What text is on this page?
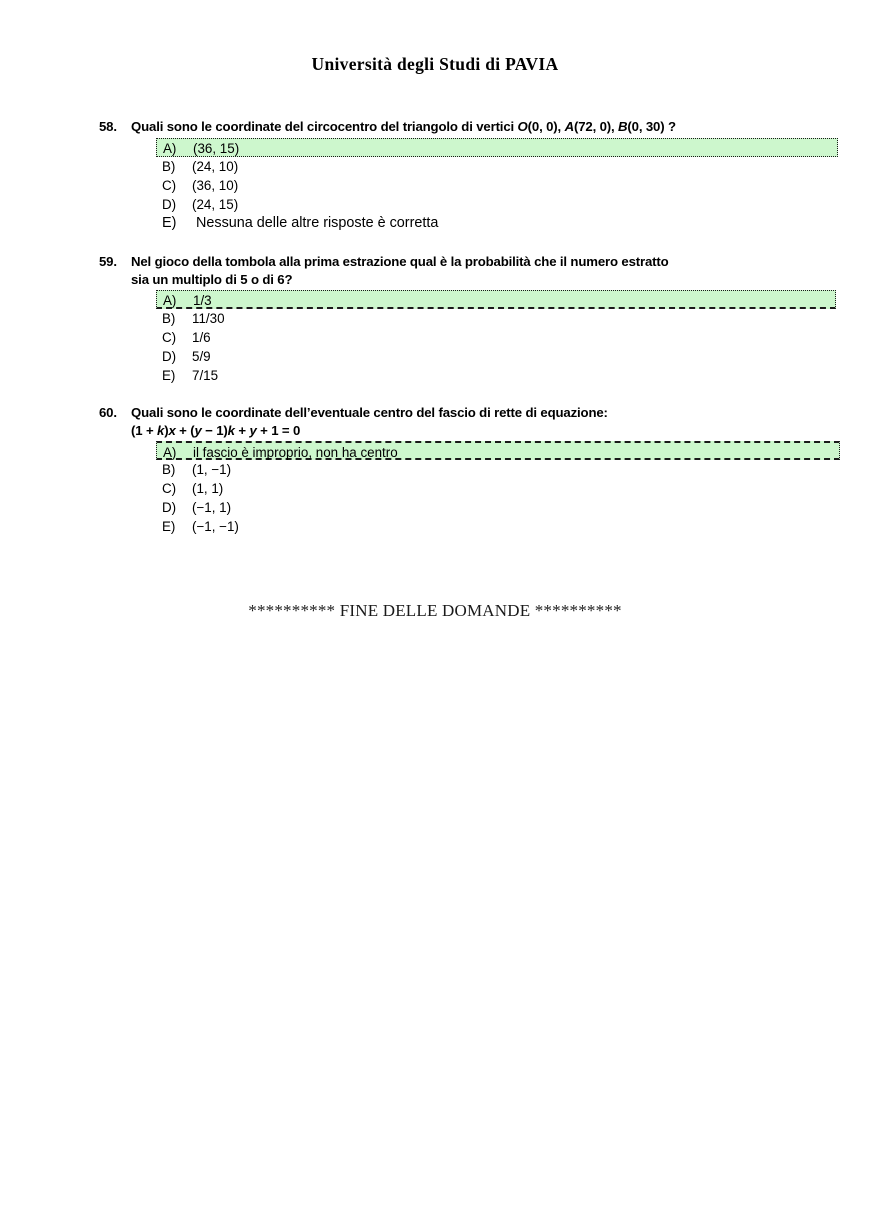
Università degli Studi di PAVIA
58.	Quali sono le coordinate del circocentro del triangolo di vertici O(0, 0), A(72, 0), B(0, 30) ?
A)	(36, 15)
B)	(24, 10)
C)	(36, 10)
D)	(24, 15)
E)	Nessuna delle altre risposte è corretta
59.	Nel gioco della tombola alla prima estrazione qual è la probabilità che il numero estratto
sia un multiplo di 5 o di 6?
A)	1/3
B)	11/30
C)	1/6
D)	5/9
E)	7/15
60.	Quali sono le coordinate dell’eventuale centro del fascio di rette di equazione:
(1 + k)x + (y − 1)k + y + 1 = 0
A)	il fascio è improprio, non ha centro
B)	(1, −1)
C)	(1, 1)
D)	(−1, 1)
E)	(−1, −1)
********** FINE DELLE DOMANDE **********
